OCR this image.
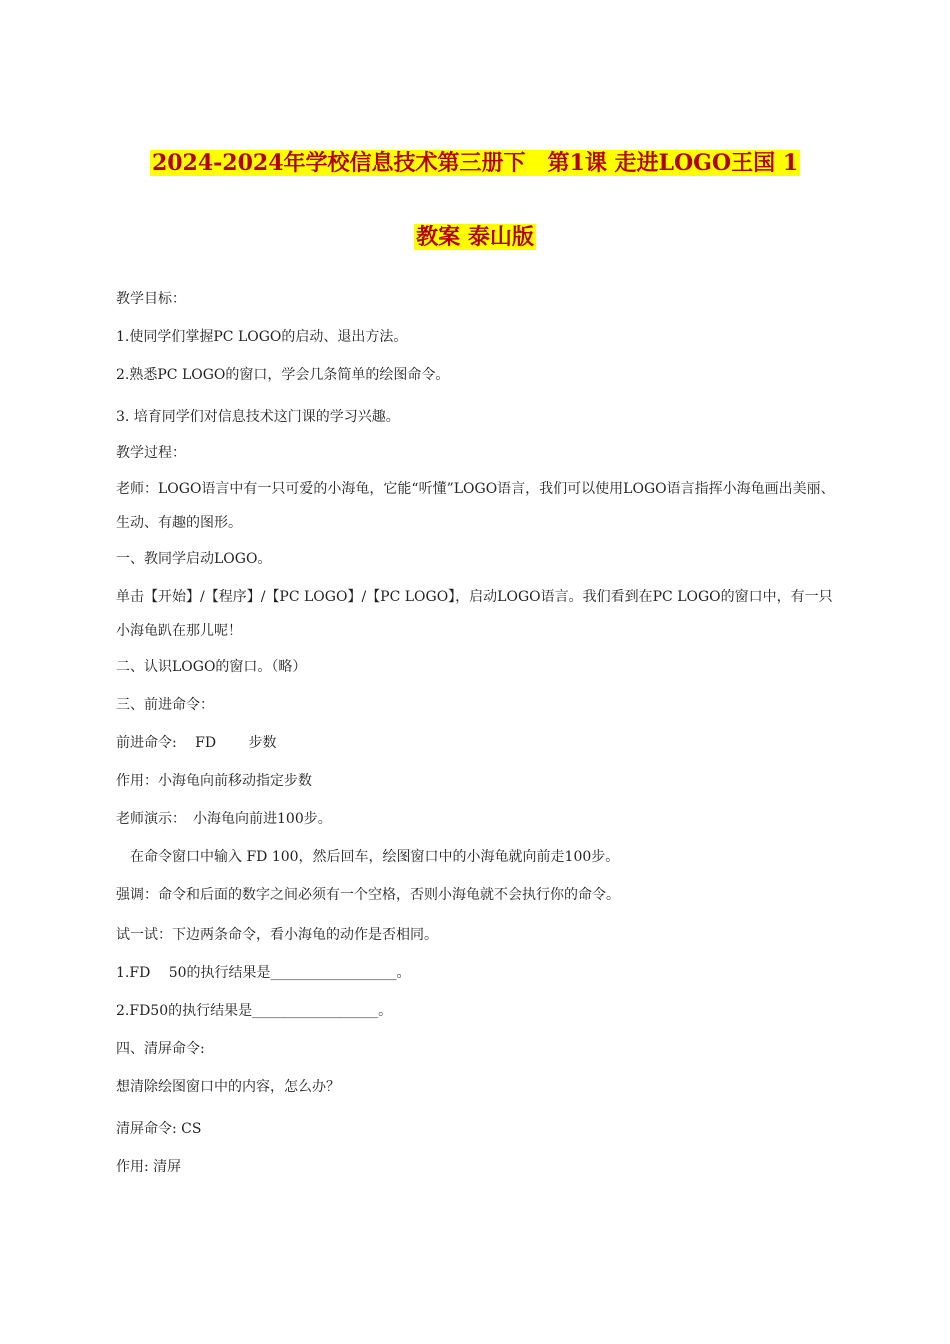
2024-2024年学校信息技术第三册下　第1课 走进LOGO王国 1
教案 泰山版

教学目标：

1.使同学们掌握PC LOGO的启动、退出方法。

2.熟悉PC LOGO的窗口，学会几条简单的绘图命令。

3. 培育同学们对信息技术这门课的学习兴趣。

教学过程：

老师：LOGO语言中有一只可爱的小海龟，它能“听懂”LOGO语言，我们可以使用LOGO语言指挥小海龟画出美丽、生动、有趣的图形。

一、教同学启动LOGO。

单击【开始】/【程序】/【PC LOGO】/【PC LOGO】，启动LOGO语言。我们看到在PC LOGO的窗口中，有一只小海龟趴在那儿呢！

二、认识LOGO的窗口。（略）

三、前进命令：

前进命令:　 FD　　 步数

作用：小海龟向前移动指定步数

老师演示：　小海龟向前进100步。

在命令窗口中输入 FD 100，然后回车，绘图窗口中的小海龟就向前走100步。

强调：命令和后面的数字之间必须有一个空格，否则小海龟就不会执行你的命令。

试一试：下边两条命令，看小海龟的动作是否相同。

1.FD　 50的执行结果是__________________。

2.FD50的执行结果是__________________。

四、清屏命令:

想清除绘图窗口中的内容，怎么办？

清屏命令: CS

作用: 清屏
